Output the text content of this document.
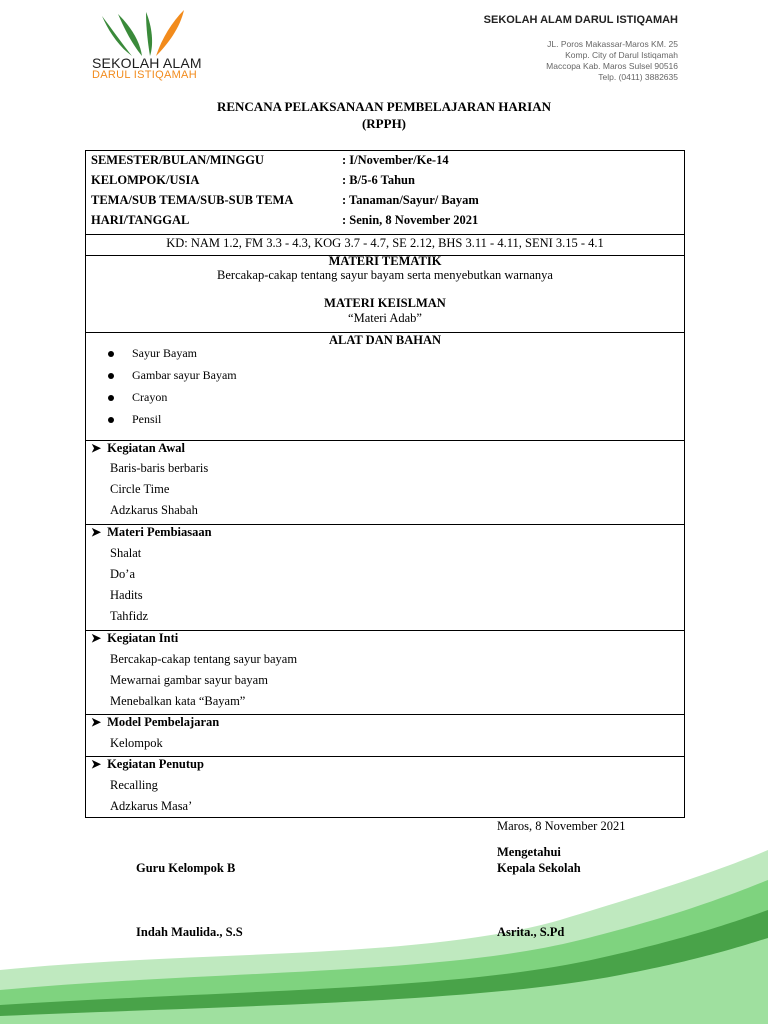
SEKOLAH ALAM
DARUL ISTIQAMAH
SEKOLAH ALAM DARUL ISTIQAMAH
JL. Poros Makassar-Maros KM. 25
Komp. City of Darul Istiqamah
Maccopa Kab. Maros Sulsel 90516
Telp. (0411) 3882635
RENCANA PELAKSANAAN PEMBELAJARAN HARIAN
(RPPH)
SEMESTER/BULAN/MINGGU	: I/November/Ke-14
KELOMPOK/USIA	: B/5-6 Tahun
TEMA/SUB TEMA/SUB-SUB TEMA	: Tanaman/Sayur/ Bayam
HARI/TANGGAL	: Senin, 8 November 2021
KD: NAM 1.2, FM 3.3 - 4.3, KOG 3.7 - 4.7, SE 2.12, BHS 3.11 - 4.11, SENI 3.15 - 4.1
MATERI TEMATIK
Bercakap-cakap tentang sayur bayam serta menyebutkan warnanya
MATERI KEISLMAN
“Materi Adab”
ALAT DAN BAHAN
Sayur Bayam
Gambar sayur Bayam
Crayon
Pensil
➤ Kegiatan Awal
Baris-baris berbaris
Circle Time
Adzkarus Shabah
➤ Materi Pembiasaan
Shalat
Do’a
Hadits
Tahfidz
➤ Kegiatan Inti
Bercakap-cakap tentang sayur bayam
Mewarnai gambar sayur bayam
Menebalkan kata “Bayam”
➤ Model Pembelajaran
Kelompok
➤ Kegiatan Penutup
Recalling
Adzkarus Masa’
Maros, 8 November 2021
Mengetahui
Guru Kelompok B	Kepala Sekolah
Indah Maulida., S.S	Asrita., S.Pd
